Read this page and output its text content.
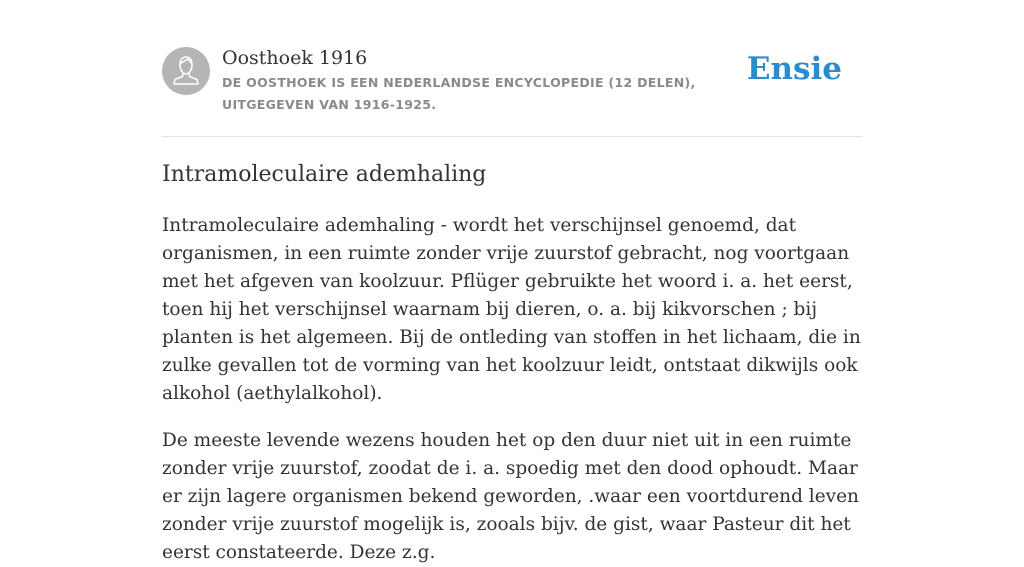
Oosthoek 1916
DE OOSTHOEK IS EEN NEDERLANDSE ENCYCLOPEDIE (12 DELEN), UITGEGEVEN VAN 1916-1925.
Ensie
Intramoleculaire ademhaling

Intramoleculaire ademhaling - wordt het verschijnsel genoemd, dat organismen, in een ruimte zonder vrije zuurstof gebracht, nog voortgaan met het afgeven van koolzuur. Pflüger gebruikte het woord i. a. het eerst, toen hij het verschijnsel waarnam bij dieren, o. a. bij kikvorschen ; bij planten is het algemeen. Bij de ontleding van stoffen in het lichaam, die in zulke gevallen tot de vorming van het koolzuur leidt, ontstaat dikwijls ook alkohol (aethylalkohol).

De meeste levende wezens houden het op den duur niet uit in een ruimte zonder vrije zuurstof, zoodat de i. a. spoedig met den dood ophoudt. Maar er zijn lagere organismen bekend geworden, .waar een voortdurend leven zonder vrije zuurstof mogelijk is, zooals bijv. de gist, waar Pasteur dit het eerst constateerde. Deze z.g.
